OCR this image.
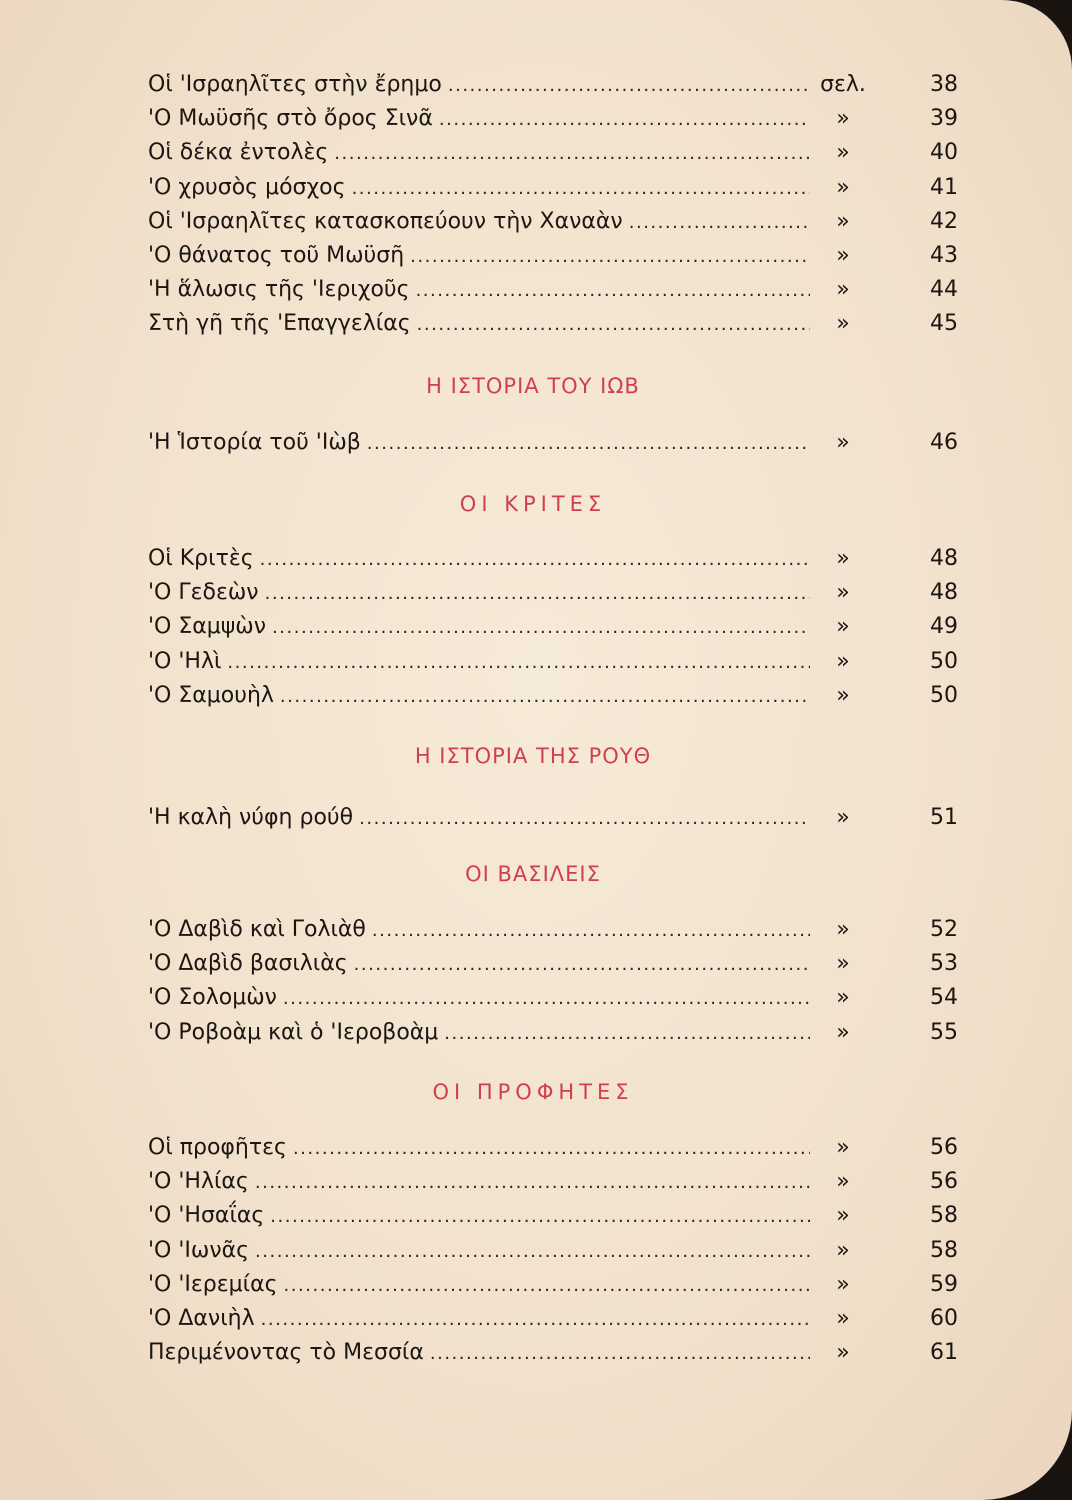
Οἱ 'Ισραηλῖτες στὴν ἔρημο . . .	σελ.	38
'Ο Μωϋσῆς στὸ ὄρος Σινᾶ . . .	»	39
Οἱ δέκα ἐντολὲς . . .	»	40
'Ο χρυσὸς μόσχος . . .	»	41
Οἱ 'Ισραηλῖτες κατασκοπεύουν τὴν Χαναὰν . . .	»	42
'Ο θάνατος τοῦ Μωϋσῆ . . .	»	43
'Η ἅλωσις τῆς 'Ιεριχοῦς . . .	»	44
Στὴ γῆ τῆς 'Επαγγελίας . . .	»	45
Η ΙΣΤΟΡΙΑ ΤΟΥ ΙΩΒ
'Η Ἱστορία τοῦ 'Ιὼβ . . .	»	46
ΟΙ ΚΡΙΤΕΣ
Οἱ Κριτὲς . . .	»	48
'Ο Γεδεὼν . . .	»	48
'Ο Σαμψὼν . . .	»	49
'Ο 'Ηλὶ . . .	»	50
'Ο Σαμουὴλ . . .	»	50
Η ΙΣΤΟΡΙΑ ΤΗΣ ΡΟΥΘ
'Η καλὴ νύφη ρούθ . . .	»	51
ΟΙ ΒΑΣΙΛΕΙΣ
'Ο Δαβὶδ καὶ Γολιὰθ . . .	»	52
'Ο Δαβὶδ βασιλιὰς . . .	»	53
'Ο Σολομὼν . . .	»	54
'Ο Ροβοὰμ καὶ ὁ 'Ιεροβοὰμ . . .	»	55
ΟΙ ΠΡΟΦΗΤΕΣ
Οἱ προφῆτες . . .	»	56
'Ο 'Ηλίας . . .	»	56
'Ο 'Ησαΐας . . .	»	58
'Ο 'Ιωνᾶς . . .	»	58
'Ο 'Ιερεμίας . . .	»	59
'Ο Δανιὴλ . . .	»	60
Περιμένοντας τὸ Μεσσία . . .	»	61
